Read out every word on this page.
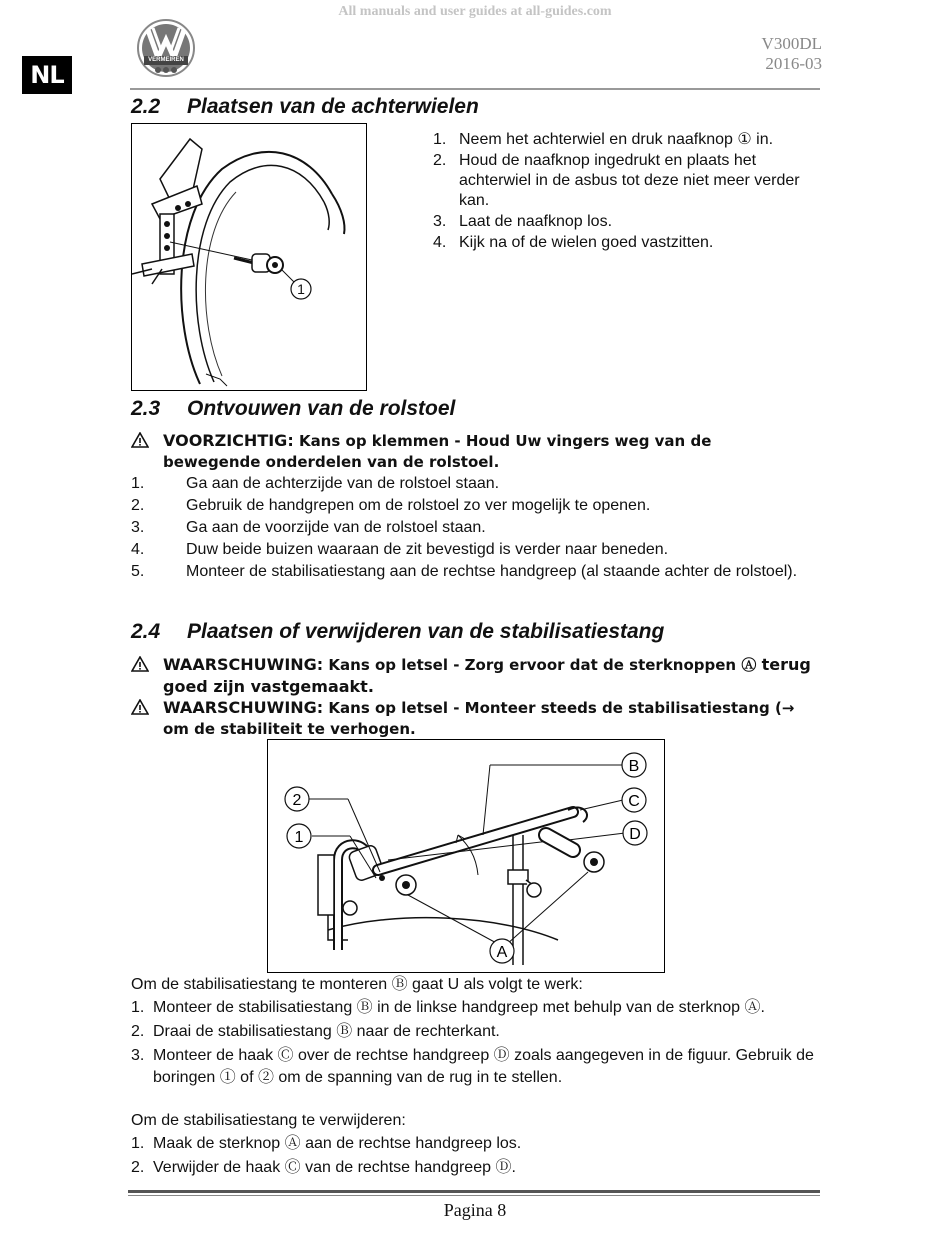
All manuals and user guides at all-guides.com
NL
VERMEIREN
V300DL
2016-03
2.2 Plaatsen van de achterwielen
1
1. Neem het achterwiel en druk naafknop ① in.
2. Houd de naafknop ingedrukt en plaats het achterwiel in de asbus tot deze niet meer verder kan.
3. Laat de naafknop los.
4. Kijk na of de wielen goed vastzitten.
2.3 Ontvouwen van de rolstoel
VOORZICHTIG: Kans op klemmen - Houd Uw vingers weg van de bewegende onderdelen van de rolstoel.
1.	Ga aan de achterzijde van de rolstoel staan.
2.	Gebruik de handgrepen om de rolstoel zo ver mogelijk te openen.
3.	Ga aan de voorzijde van de rolstoel staan.
4.	Duw beide buizen waaraan de zit bevestigd is verder naar beneden.
5.	Monteer de stabilisatiestang aan de rechtse handgreep (al staande achter de rolstoel).
2.4 Plaatsen of verwijderen van de stabilisatiestang
WAARSCHUWING: Kans op letsel - Zorg ervoor dat de sterknoppen Ⓐ terug goed zijn vastgemaakt.
WAARSCHUWING: Kans op letsel - Monteer steeds de stabilisatiestang (→ om de stabiliteit te verhogen.
B
2	C
1	D
A
Om de stabilisatiestang te monteren Ⓑ gaat U als volgt te werk:
1. Monteer de stabilisatiestang Ⓑ in de linkse handgreep met behulp van de sterknop Ⓐ.
2. Draai de stabilisatiestang Ⓑ naar de rechterkant.
3. Monteer de haak Ⓒ over de rechtse handgreep Ⓓ zoals aangegeven in de figuur. Gebruik de boringen ① of ② om de spanning van de rug in te stellen.
Om de stabilisatiestang te verwijderen:
1. Maak de sterknop Ⓐ aan de rechtse handgreep los.
2. Verwijder de haak Ⓒ van de rechtse handgreep Ⓓ.
Pagina 8
